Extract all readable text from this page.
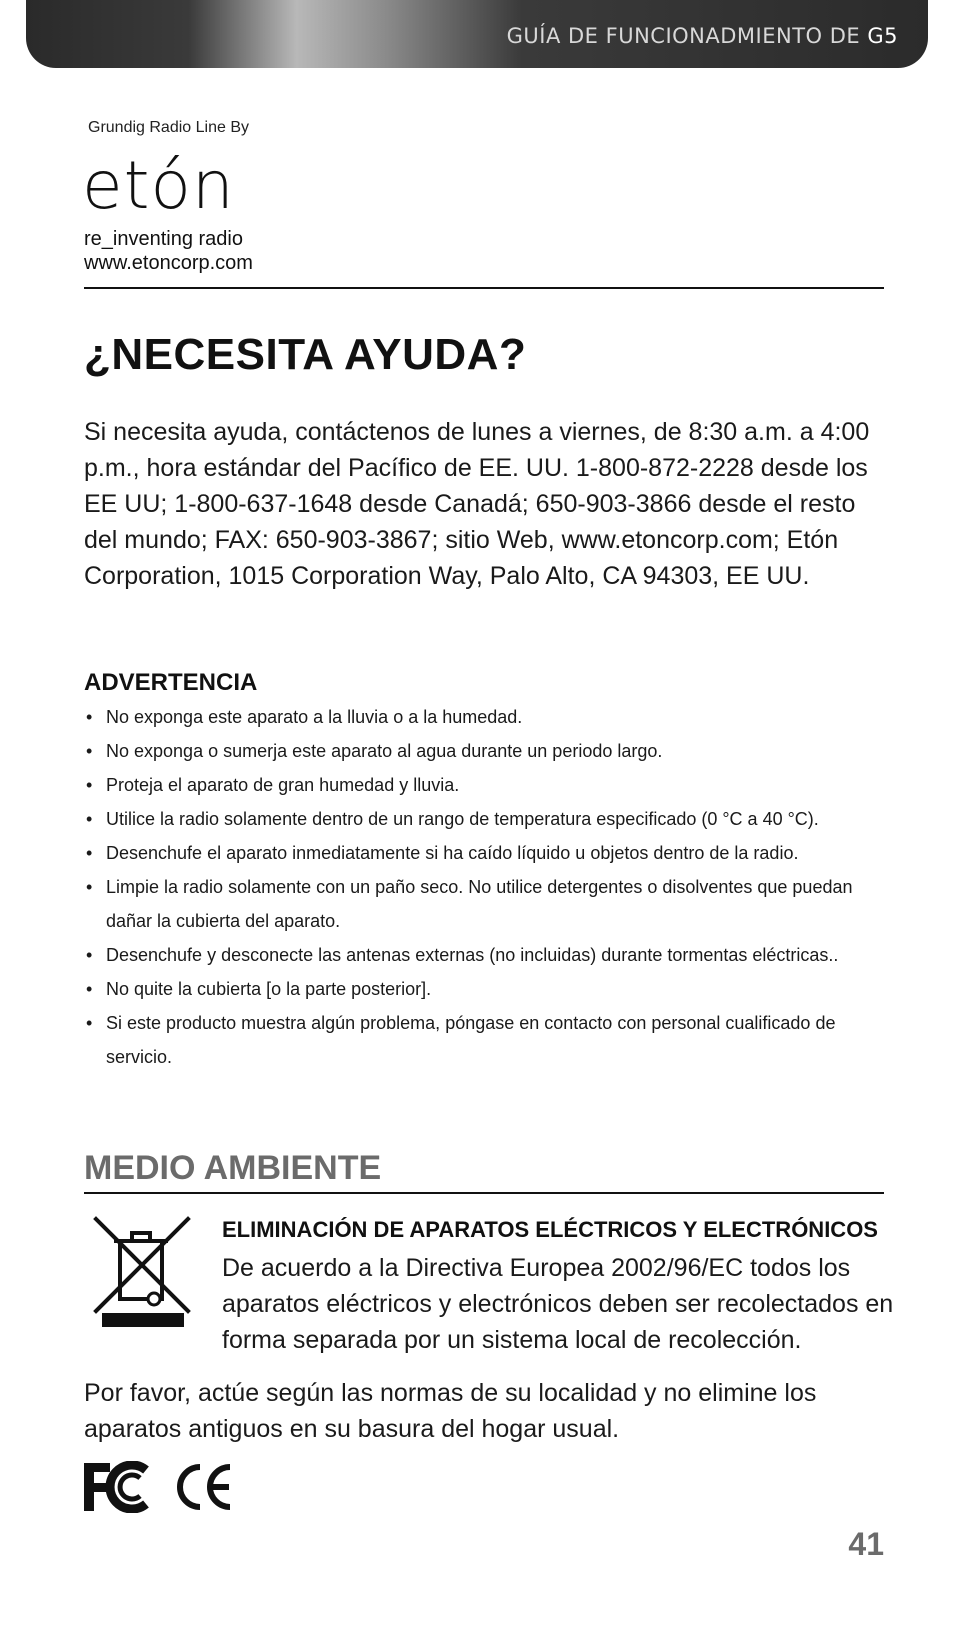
GUÍA DE FUNCIONADMIENTO DE G5
Grundig Radio Line By
etón
re_inventing radio
www.etoncorp.com
¿NECESITA AYUDA?

Si necesita ayuda, contáctenos de lunes a viernes, de 8:30 a.m. a 4:00 p.m., hora estándar del Pacífico de EE. UU. 1-800-872-2228 desde los EE UU; 1-800-637-1648 desde Canadá; 650-903-3866 desde el resto del mundo; FAX: 650-903-3867; sitio Web, www.etoncorp.com; Etón Corporation, 1015 Corporation Way, Palo Alto, CA 94303, EE UU.

ADVERTENCIA
• No exponga este aparato a la lluvia o a la humedad.
• No exponga o sumerja este aparato al agua durante un periodo largo.
• Proteja el aparato de gran humedad y lluvia.
• Utilice la radio solamente dentro de un rango de temperatura especificado (0 °C a 40 °C).
• Desenchufe el aparato inmediatamente si ha caído líquido u objetos dentro de la radio.
• Limpie la radio solamente con un paño seco. No utilice detergentes o disolventes que puedan dañar la cubierta del aparato.
• Desenchufe y desconecte las antenas externas (no incluidas) durante tormentas eléctricas..
• No quite la cubierta [o la parte posterior].
• Si este producto muestra algún problema, póngase en contacto con personal cualificado de servicio.
MEDIO AMBIENTE
ELIMINACIÓN DE APARATOS ELÉCTRICOS Y ELECTRÓNICOS

De acuerdo a la Directiva Europea 2002/96/EC todos los aparatos eléctricos y electrónicos deben ser recolectados en forma separada por un sistema local de recolección.

Por favor, actúe según las normas de su localidad y no elimine los aparatos antiguos en su basura del hogar usual.

41
